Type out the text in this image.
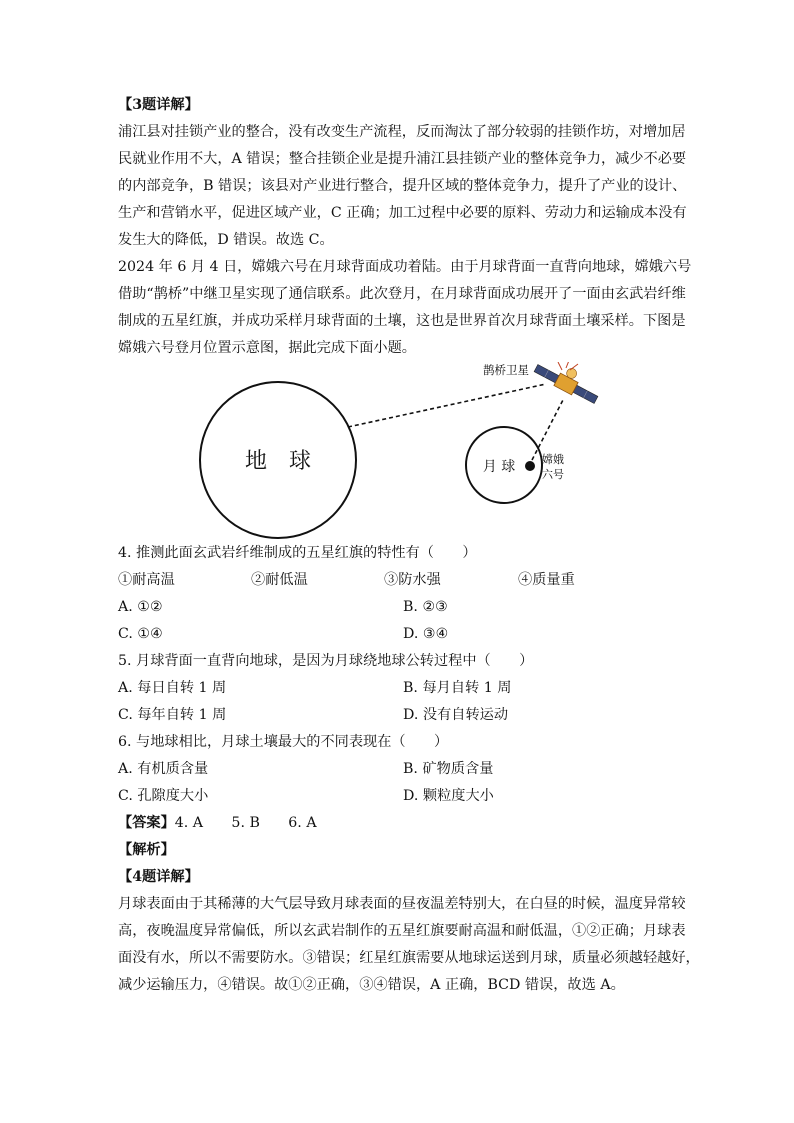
【3题详解】
浦江县对挂锁产业的整合，没有改变生产流程，反而淘汰了部分较弱的挂锁作坊，对增加居
民就业作用不大，A 错误；整合挂锁企业是提升浦江县挂锁产业的整体竞争力，减少不必要
的内部竞争，B 错误；该县对产业进行整合，提升区域的整体竞争力，提升了产业的设计、
生产和营销水平，促进区域产业，C 正确；加工过程中必要的原料、劳动力和运输成本没有
发生大的降低，D 错误。故选 C。
2024 年 6 月 4 日，嫦娥六号在月球背面成功着陆。由于月球背面一直背向地球，嫦娥六号
借助“鹊桥”中继卫星实现了通信联系。此次登月，在月球背面成功展开了一面由玄武岩纤维
制成的五星红旗，并成功采样月球背面的土壤，这也是世界首次月球背面土壤采样。下图是
嫦娥六号登月位置示意图，据此完成下面小题。
地　球	月 球
鹊桥卫星
嫦娥
六号
4. 推测此面玄武岩纤维制成的五星红旗的特性有（　　）
①耐高温	②耐低温	③防水强	④质量重
A. ①②	B. ②③
C. ①④	D. ③④
5. 月球背面一直背向地球，是因为月球绕地球公转过程中（　　）
A. 每日自转 1 周	B. 每月自转 1 周
C. 每年自转 1 周	D. 没有自转运动
6. 与地球相比，月球土壤最大的不同表现在（　　）
A. 有机质含量	B. 矿物质含量
C. 孔隙度大小	D. 颗粒度大小
【答案】4. A　　5. B　　6. A
【解析】
【4题详解】
月球表面由于其稀薄的大气层导致月球表面的昼夜温差特别大，在白昼的时候，温度异常较
高，夜晚温度异常偏低，所以玄武岩制作的五星红旗要耐高温和耐低温，①②正确；月球表
面没有水，所以不需要防水。③错误；红星红旗需要从地球运送到月球，质量必须越轻越好，
减少运输压力，④错误。故①②正确，③④错误，A 正确，BCD 错误，故选 A。
